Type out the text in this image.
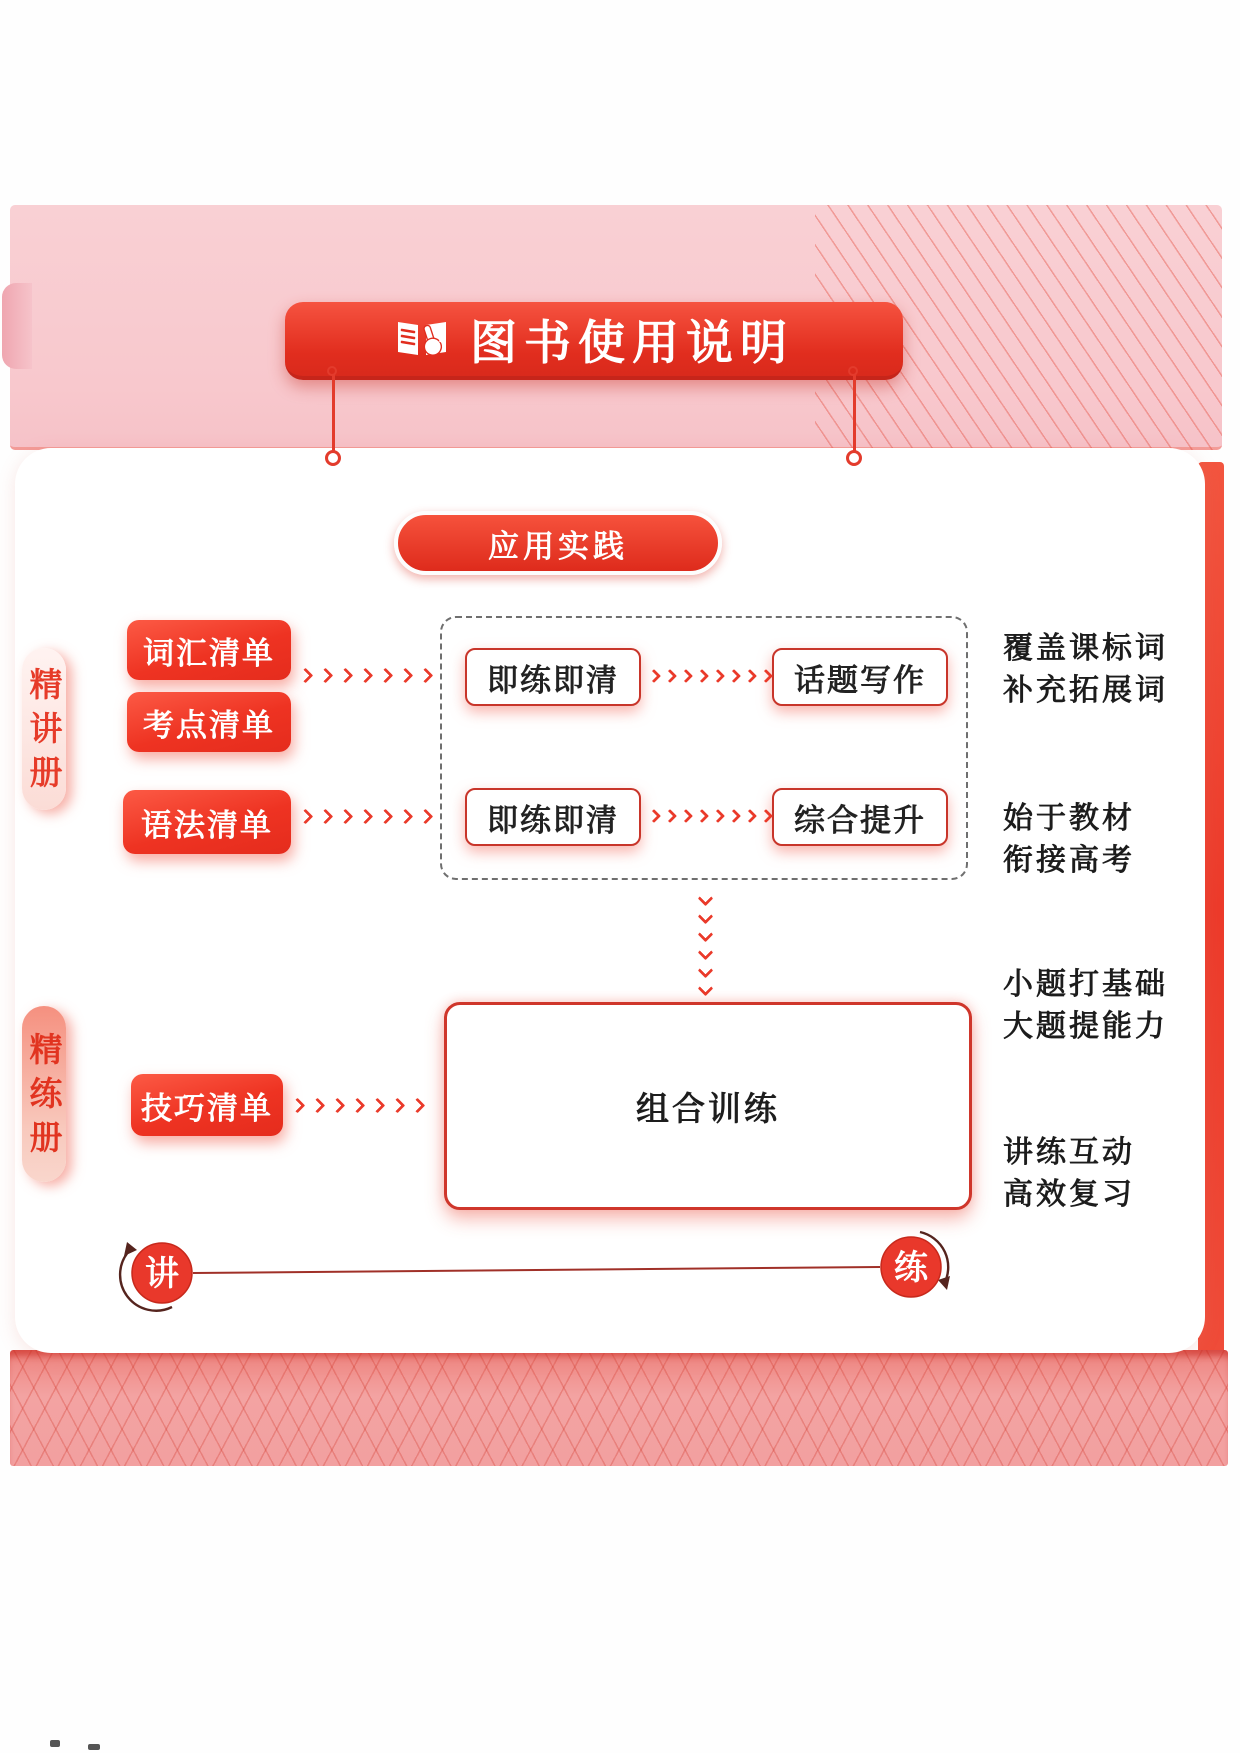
图书使用说明
应用实践
精讲册
精练册
词汇清单
考点清单
语法清单
技巧清单
即练即清	话题写作
即练即清	综合提升
组合训练
覆盖课标词
补充拓展词
始于教材
衔接高考
小题打基础
大题提能力
讲练互动
高效复习
讲	练
